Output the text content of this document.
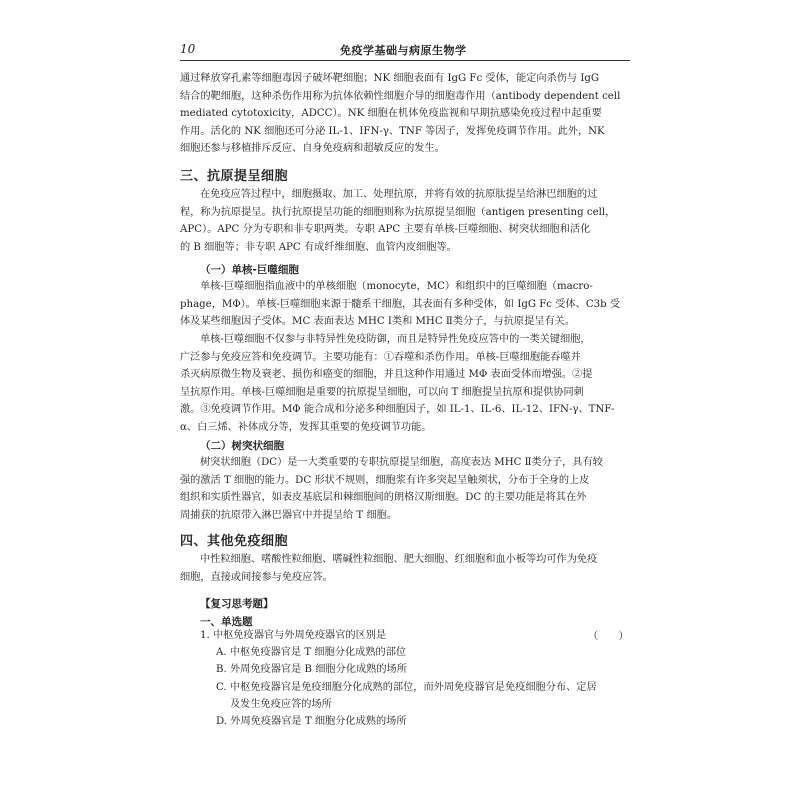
10	免疫学基础与病原生物学

通过释放穿孔素等细胞毒因子破坏靶细胞；NK 细胞表面有 IgG Fc 受体，能定向杀伤与 IgG

结合的靶细胞，这种杀伤作用称为抗体依赖性细胞介导的细胞毒作用（antibody dependent cell

mediated cytotoxicity，ADCC）。NK 细胞在机体免疫监视和早期抗感染免疫过程中起重要

作用。活化的 NK 细胞还可分泌 IL-1、IFN-γ、TNF 等因子，发挥免疫调节作用。此外，NK

细胞还参与移植排斥反应、自身免疫病和超敏反应的发生。

三、抗原提呈细胞

在免疫应答过程中，细胞摄取、加工、处理抗原，并将有效的抗原肽提呈给淋巴细胞的过

程，称为抗原提呈。执行抗原提呈功能的细胞则称为抗原提呈细胞（antigen presenting cell，

APC）。APC 分为专职和非专职两类。专职 APC 主要有单核-巨噬细胞、树突状细胞和活化

的 B 细胞等；非专职 APC 有成纤维细胞、血管内皮细胞等。

（一）单核-巨噬细胞

单核-巨噬细胞指血液中的单核细胞（monocyte，MC）和组织中的巨噬细胞（macro-

phage，MΦ）。单核-巨噬细胞来源于髓系干细胞，其表面有多种受体，如 IgG Fc 受体、C3b 受

体及某些细胞因子受体。MC 表面表达 MHC Ⅰ类和 MHC Ⅱ类分子，与抗原提呈有关。

单核-巨噬细胞不仅参与非特异性免疫防御，而且是特异性免疫应答中的一类关键细胞，

广泛参与免疫应答和免疫调节。主要功能有：①吞噬和杀伤作用。单核-巨噬细胞能吞噬并

杀灭病原微生物及衰老、损伤和癌变的细胞，并且这种作用通过 MΦ 表面受体而增强。②提

呈抗原作用。单核-巨噬细胞是重要的抗原提呈细胞，可以向 T 细胞提呈抗原和提供协同刺

激。③免疫调节作用。MΦ 能合成和分泌多种细胞因子，如 IL-1、IL-6、IL-12、IFN-γ、TNF-

α、白三烯、补体成分等，发挥其重要的免疫调节功能。

（二）树突状细胞

树突状细胞（DC）是一大类重要的专职抗原提呈细胞，高度表达 MHC Ⅱ类分子，具有较

强的激活 T 细胞的能力。DC 形状不规则，细胞浆有许多突起呈触须状，分布于全身的上皮

组织和实质性器官，如表皮基底层和棘细胞间的朗格汉斯细胞。DC 的主要功能是将其在外

周捕获的抗原带入淋巴器官中并提呈给 T 细胞。

四、其他免疫细胞

中性粒细胞、嗜酸性粒细胞、嗜碱性粒细胞、肥大细胞、红细胞和血小板等均可作为免疫

细胞，直接或间接参与免疫应答。

【复习思考题】
一、单选题
1. 中枢免疫器官与外周免疫器官的区别是	（　　）
A. 中枢免疫器官是 T 细胞分化成熟的部位
B. 外周免疫器官是 B 细胞分化成熟的场所
C. 中枢免疫器官是免疫细胞分化成熟的部位，而外周免疫器官是免疫细胞分布、定居
及发生免疫应答的场所
D. 外周免疫器官是 T 细胞分化成熟的场所
